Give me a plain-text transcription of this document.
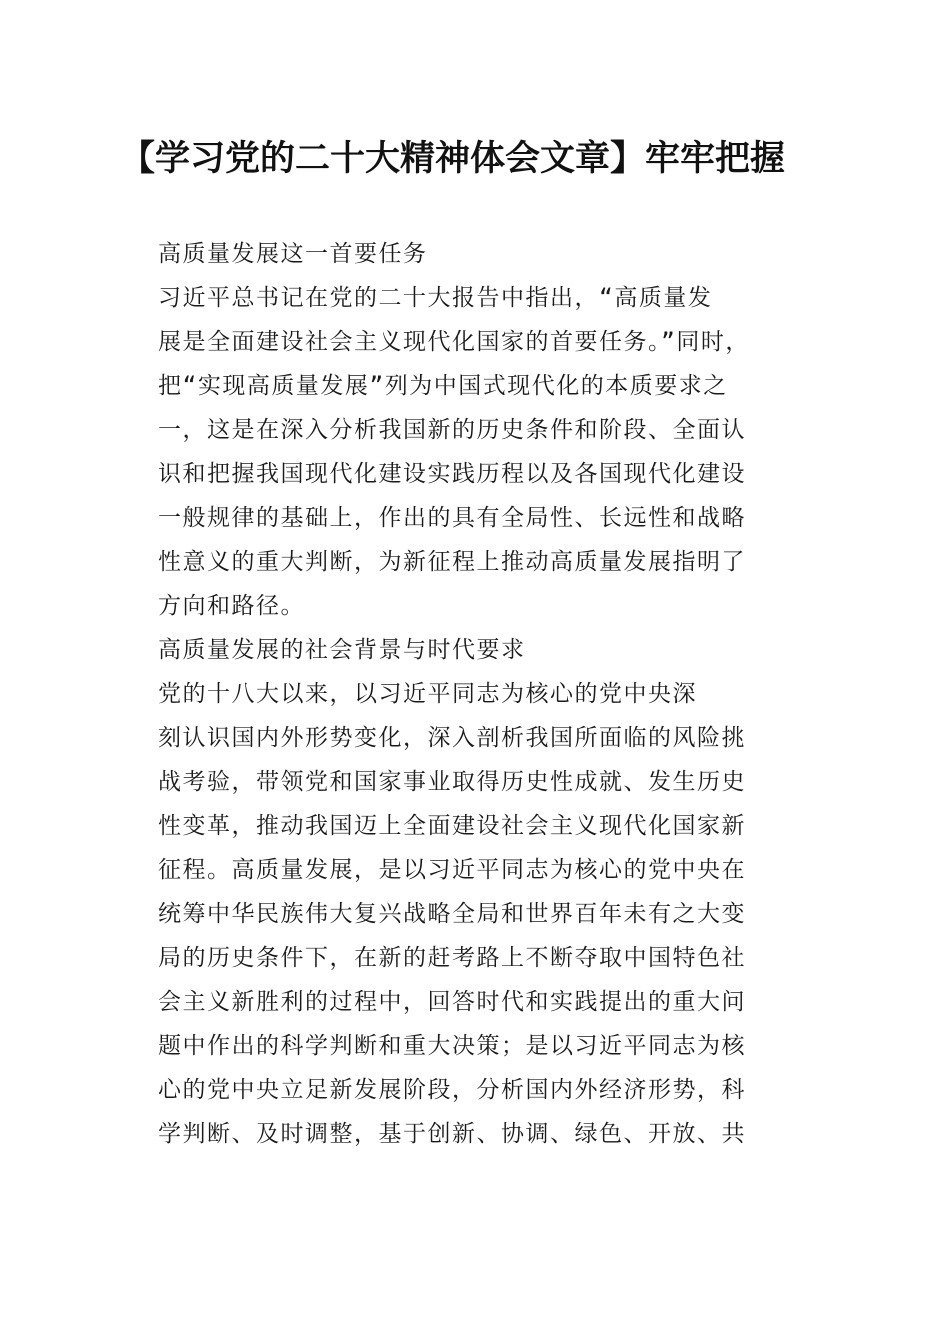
【学习党的二十大精神体会文章】牢牢把握
高质量发展这一首要任务
习近平总书记在党的二十大报告中指出，“高质量发
展是全面建设社会主义现代化国家的首要任务。”同时，
把“实现高质量发展”列为中国式现代化的本质要求之
一，这是在深入分析我国新的历史条件和阶段、全面认
识和把握我国现代化建设实践历程以及各国现代化建设
一般规律的基础上，作出的具有全局性、长远性和战略
性意义的重大判断，为新征程上推动高质量发展指明了
方向和路径。
高质量发展的社会背景与时代要求
党的十八大以来，以习近平同志为核心的党中央深
刻认识国内外形势变化，深入剖析我国所面临的风险挑
战考验，带领党和国家事业取得历史性成就、发生历史
性变革，推动我国迈上全面建设社会主义现代化国家新
征程。高质量发展，是以习近平同志为核心的党中央在
统筹中华民族伟大复兴战略全局和世界百年未有之大变
局的历史条件下，在新的赶考路上不断夺取中国特色社
会主义新胜利的过程中，回答时代和实践提出的重大问
题中作出的科学判断和重大决策；是以习近平同志为核
心的党中央立足新发展阶段，分析国内外经济形势，科
学判断、及时调整，基于创新、协调、绿色、开放、共
